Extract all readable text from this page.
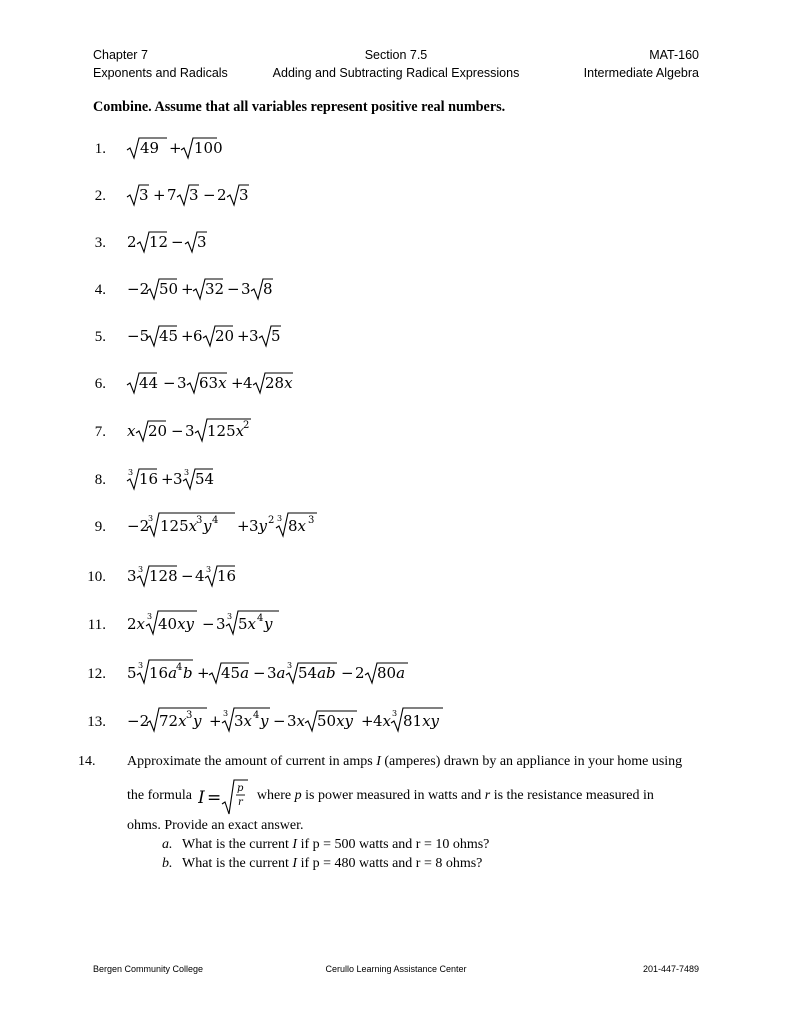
Chapter 7
Exponents and Radicals
Section 7.5
Adding and Subtracting Radical Expressions
MAT-160
Intermediate Algebra
Combine. Assume that all variables represent positive real numbers.
1. 49 + 100
2. 3 + 7 3 − 2 3
3. 2 12 − 3
4. −2 50 + 32 − 3 8
5. −5 45 + 6 20 + 3 5
6. 44 − 3 63x + 4 28x
7. x 20 − 3 125x
2
8.	3 16 + 3 3 54
9. −2
3 125x
3 y 4 + 3y 2 3 8x 3
10. 3 3 128 − 4 3 16
11. 2x 3 40xy − 3 3 5x 4 y
12. 5 3 16a
4 b + 45a − 3a 3 54ab − 2 80a
13. −2 72x 3 y + 3 3x 4 y − 3x 50xy + 4x 3 81xy
14. Approximate the amount of current in amps I (amperes) drawn by an appliance in your home using
the formula	where p is power measured in watts and r is the resistance measured in
I = p
r
ohms. Provide an exact answer.
a. What is the current I if p = 500 watts and r = 10 ohms?
b. What is the current I if p = 480 watts and r = 8 ohms?
Bergen Community College	Cerullo Learning Assistance Center	201-447-7489
